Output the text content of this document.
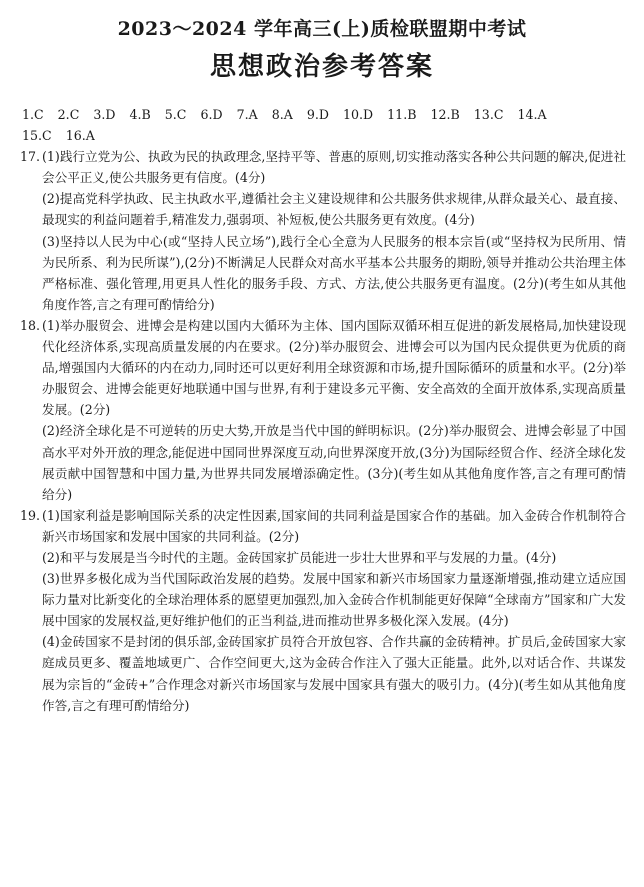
2023～2024 学年高三(上)质检联盟期中考试
思想政治参考答案
1.C 2.C 3.D 4.B 5.C 6.D 7.A 8.A 9.D 10.D 11.B 12.B 13.C 14.A
15.C 16.A
17. (1)践行立党为公、执政为民的执政理念,坚持平等、普惠的原则,切实推动落实各种公共问题的解决,促进社会公平正义,使公共服务更有信度。(4分)

(2)提高党科学执政、民主执政水平,遵循社会主义建设规律和公共服务供求规律,从群众最关心、最直接、最现实的利益问题着手,精准发力,强弱项、补短板,使公共服务更有效度。(4分)

(3)坚持以人民为中心(或“坚持人民立场”),践行全心全意为人民服务的根本宗旨(或“坚持权为民所用、情为民所系、利为民所谋”),(2分)不断满足人民群众对高水平基本公共服务的期盼,领导并推动公共治理主体严格标准、强化管理,用更具人性化的服务手段、方式、方法,使公共服务更有温度。(2分)(考生如从其他角度作答,言之有理可酌情给分)

18. (1)举办服贸会、进博会是构建以国内大循环为主体、国内国际双循环相互促进的新发展格局,加快建设现代化经济体系,实现高质量发展的内在要求。(2分)举办服贸会、进博会可以为国内民众提供更为优质的商品,增强国内大循环的内在动力,同时还可以更好利用全球资源和市场,提升国际循环的质量和水平。(2分)举办服贸会、进博会能更好地联通中国与世界,有利于建设多元平衡、安全高效的全面开放体系,实现高质量发展。(2分)

(2)经济全球化是不可逆转的历史大势,开放是当代中国的鲜明标识。(2分)举办服贸会、进博会彰显了中国高水平对外开放的理念,能促进中国同世界深度互动,向世界深度开放,(3分)为国际经贸合作、经济全球化发展贡献中国智慧和中国力量,为世界共同发展增添确定性。(3分)(考生如从其他角度作答,言之有理可酌情给分)

19. (1)国家利益是影响国际关系的决定性因素,国家间的共同利益是国家合作的基础。加入金砖合作机制符合新兴市场国家和发展中国家的共同利益。(2分)

(2)和平与发展是当今时代的主题。金砖国家扩员能进一步壮大世界和平与发展的力量。(4分)

(3)世界多极化成为当代国际政治发展的趋势。发展中国家和新兴市场国家力量逐渐增强,推动建立适应国际力量对比新变化的全球治理体系的愿望更加强烈,加入金砖合作机制能更好保障“全球南方”国家和广大发展中国家的发展权益,更好维护他们的正当利益,进而推动世界多极化深入发展。(4分)

(4)金砖国家不是封闭的俱乐部,金砖国家扩员符合开放包容、合作共赢的金砖精神。扩员后,金砖国家大家庭成员更多、覆盖地域更广、合作空间更大,这为金砖合作注入了强大正能量。此外,以对话合作、共谋发展为宗旨的“金砖+”合作理念对新兴市场国家与发展中国家具有强大的吸引力。(4分)(考生如从其他角度作答,言之有理可酌情给分)
